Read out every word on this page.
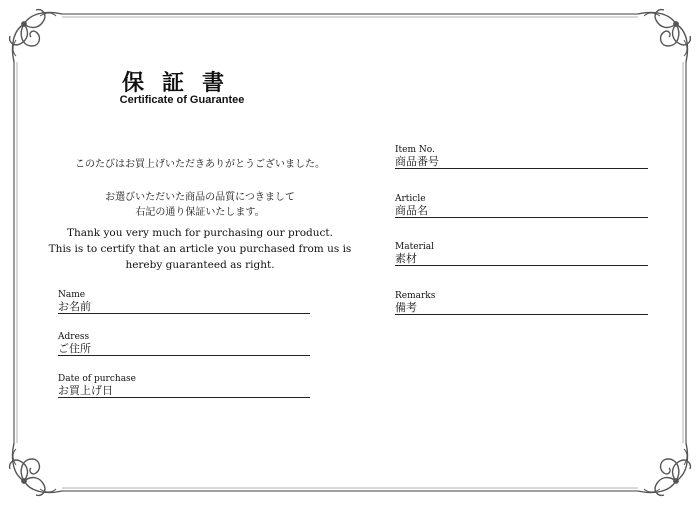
保証書
Certificate of Guarantee
このたびはお買上げいただきありがとうございました。
お選びいただいた商品の品質につきまして
右記の通り保証いたします。
Thank you very much for purchasing our product.
This is to certify that an article you purchased from us is
hereby guaranteed as right.
Name
お名前
Adress
ご住所
Date of purchase
お買上げ日
Item No.
商品番号
Article
商品名
Material
素材
Remarks
備考
